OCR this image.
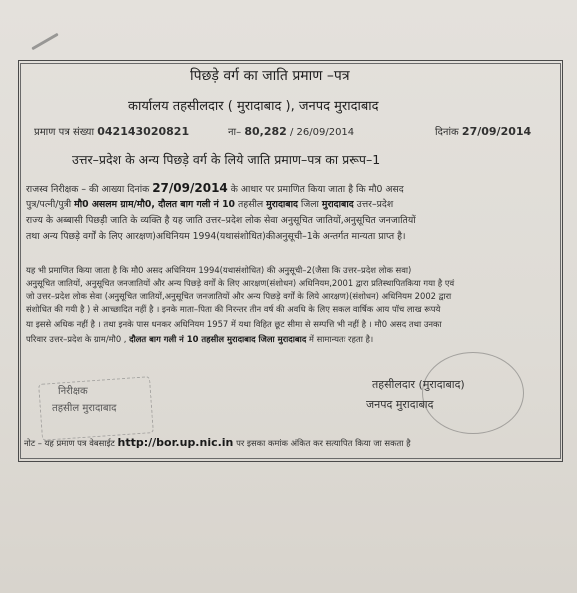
पिछड़े वर्ग का जाति प्रमाण –पत्र
कार्यालय तहसीलदार ( मुरादाबाद ), जनपद मुरादाबाद
प्रमाण पत्र संख्या 042143020821	ना– 80,282 / 26/09/2014	दिनांक 27/09/2014
उत्तर–प्रदेश के अन्य पिछड़े वर्ग के लिये जाति प्रमाण–पत्र का प्ररूप–1
राजस्व निरीक्षक – की आख्या दिनांक 27/09/2014 के आधार पर प्रमाणित किया जाता है कि मौ0 असद
पुत्र/पत्नी/पुत्री मौ0 असलम ग्राम/मौ0, दौलत बाग गली नं 10 तहसील मुरादाबाद जिला मुरादाबाद उत्तर–प्रदेश
राज्य के अब्बासी पिछड़ी जाति के व्यक्ति है यह जाति उत्तर–प्रदेश लोक सेवा अनुसूचित जातियों,अनुसूचित जनजातियों
तथा अन्य पिछड़े वर्गों के लिए आरक्षण)अधिनियम 1994(यथासंशोधित)कीअनुसूची–1के अन्तर्गत मान्यता प्राप्त है।
यह भी प्रमाणित किया जाता है कि मौ0 असद अधिनियम 1994(यथासंशोधित) की अनुसूची–2(जैसा कि उत्तर–प्रदेश लोक सवा)
अनुसूचित जातियों, अनुसूचित जनजातियों और अन्य पिछड़े वर्गों के लिए आरक्षण(संशोधन) अधिनियम,2001 द्वारा प्रतिस्थापितकिया गया है एवं
जो उत्तर–प्रदेश लोक सेवा (अनुसूचित जातियों,अनुसूचित जनजातियों और अन्य पिछड़े वर्गों के लिये आरक्षण)(संशोधन) अधिनियम 2002 द्वारा
संशोधित की गयी है ) से आच्छादित नहीं है । इनके माता–पिता की निरन्तर तीन वर्ष की अवधि के लिए सकल वार्षिक आय पॉच लाख रूपये
या इससे अधिक नहीं है । तथा इनके पास धनकर अधिनियम 1957 में यथा विहित छूट सीमा से सम्पत्ति भी नहीं है । मौ0 असद तथा उनका
परिवार उत्तर–प्रदेश के ग्राम/मौ0 , दौलत बाग गली नं 10 तहसील मुरादाबाद जिला मुरादाबाद में सामान्यतः रहता है।
निरीक्षक
तहसील मुरादाबाद
तहसीलदार (मुरादाबाद)
जनपद मुरादाबाद
नोट – यह प्रमाण पत्र वेबसाईट http://bor.up.nic.in पर इसका कमांक अंकित कर सत्यापित किया जा सकता है
